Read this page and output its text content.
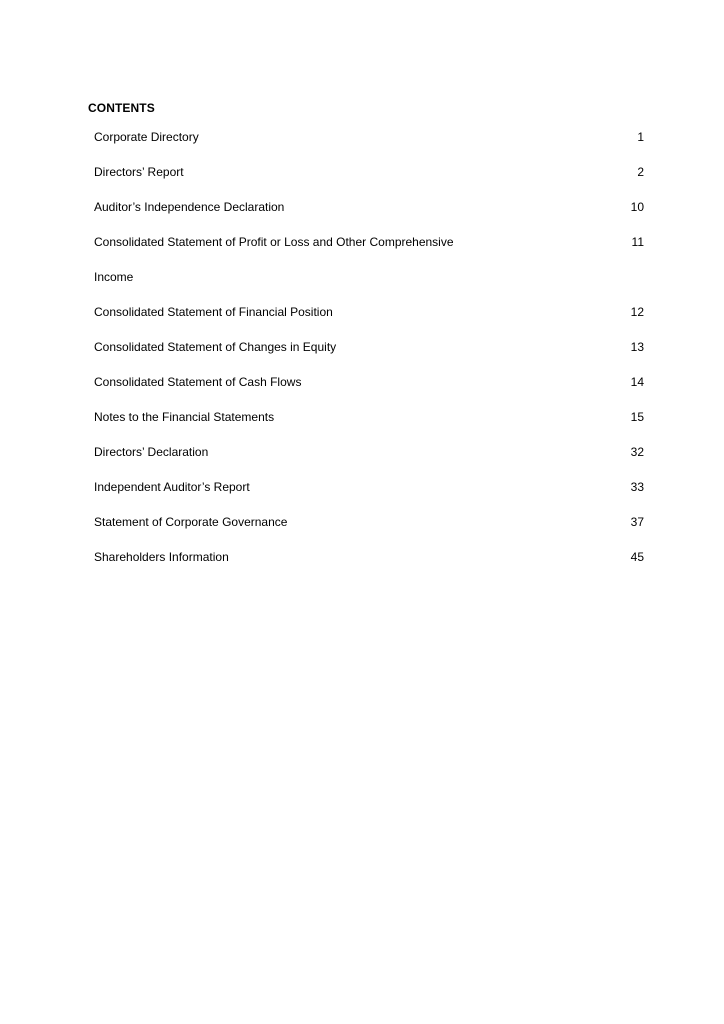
CONTENTS
Corporate Directory	1
Directors’ Report	2
Auditor’s Independence Declaration	10
Consolidated Statement of Profit or Loss and Other Comprehensive	11
Income
Consolidated Statement of Financial Position	12
Consolidated Statement of Changes in Equity	13
Consolidated Statement of Cash Flows	14
Notes to the Financial Statements	15
Directors’ Declaration	32
Independent Auditor’s Report	33
Statement of Corporate Governance	37
Shareholders Information	45
